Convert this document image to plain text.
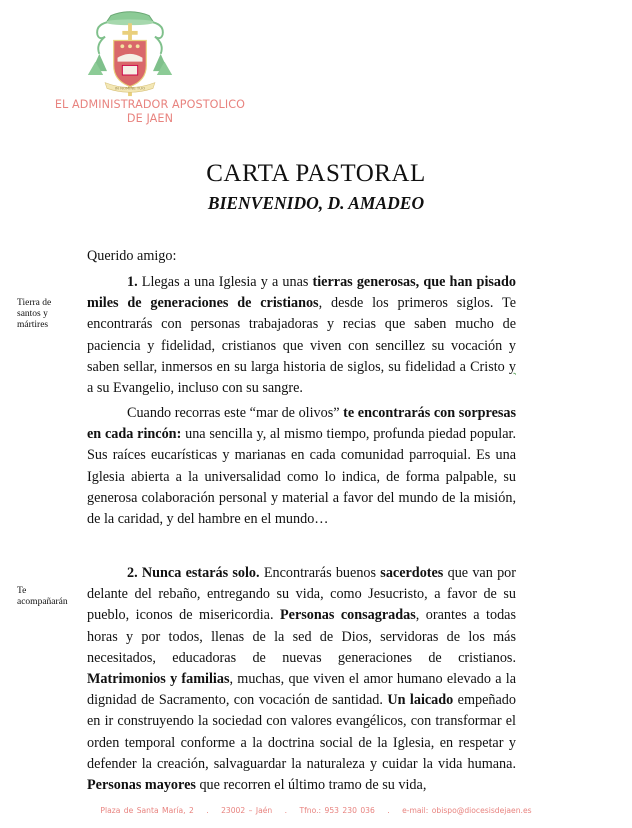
IN NOMINE TUO
EL ADMINISTRADOR APOSTOLICO
DE JAEN
CARTA PASTORAL
BIENVENIDO, D. AMADEO
Querido amigo:
Tierra de santos y mártires
Te acompañarán

1. Llegas a una Iglesia y a unas tierras generosas, que han pisado miles de generaciones de cristianos, desde los primeros siglos. Te encontrarás con personas trabajadoras y recias que saben mucho de paciencia y fidelidad, cristianos que viven con sencillez su vocación y saben sellar, inmersos en su larga historia de siglos, su fidelidad a Cristo y a su Evangelio, incluso con su sangre.

Cuando recorras este “mar de olivos” te encontrarás con sorpresas en cada rincón: una sencilla y, al mismo tiempo, profunda piedad popular. Sus raíces eucarísticas y marianas en cada comunidad parroquial. Es una Iglesia abierta a la universalidad como lo indica, de forma palpable, su generosa colaboración personal y material a favor del mundo de la misión, de la caridad, y del hambre en el mundo…

2. Nunca estarás solo. Encontrarás buenos sacerdotes que van por delante del rebaño, entregando su vida, como Jesucristo, a favor de su pueblo, iconos de misericordia. Personas consagradas, orantes a todas horas y por todos, llenas de la sed de Dios, servidoras de los más necesitados, educadoras de nuevas generaciones de cristianos. Matrimonios y familias, muchas, que viven el amor humano elevado a la dignidad de Sacramento, con vocación de santidad. Un laicado empeñado en ir construyendo la sociedad con valores evangélicos, con transformar el orden temporal conforme a la doctrina social de la Iglesia, en respetar y defender la creación, salvaguardar la naturaleza y cuidar la vida humana. Personas mayores que recorren el último tramo de su vida,

Plaza de Santa María, 2 . 23002 – Jaén . Tfno.: 953 230 036 . e-mail: obispo@diocesisdejaen.es
